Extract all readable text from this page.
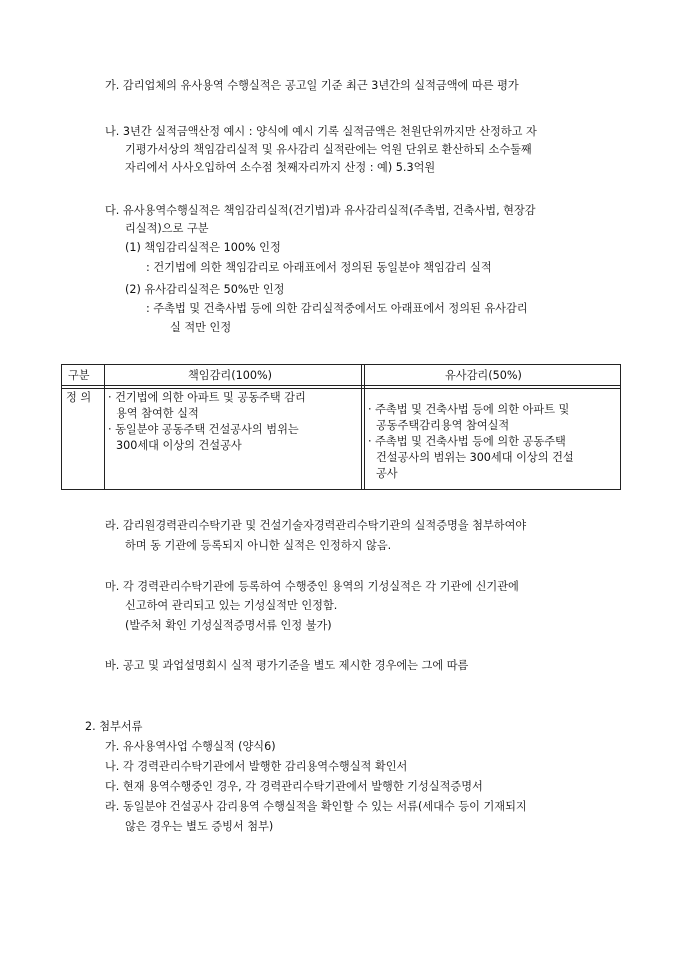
가. 감리업체의 유사용역 수행실적은 공고일 기준 최근 3년간의 실적금액에 따른 평가
나. 3년간 실적금액산정 예시 : 양식에 예시 기록 실적금액은 천원단위까지만 산정하고 자
기평가서상의 책임감리실적 및 유사감리 실적란에는 억원 단위로 환산하되 소수둘째
자리에서 사사오입하여 소수점 첫째자리까지 산정 : 예) 5.3억원
다. 유사용역수행실적은 책임감리실적(건기법)과 유사감리실적(주촉법, 건축사법, 현장감
리실적)으로 구분
(1) 책임감리실적은 100% 인정
: 건기법에 의한 책임감리로 아래표에서 정의된 동일분야 책임감리 실적
(2) 유사감리실적은 50%만 인정
: 주촉법 및 건축사법 등에 의한 감리실적중에서도 아래표에서 정의된 유사감리
실 적만 인정
구분	책임감리(100%)	유사감리(50%)
정 의 · 건기법에 의한 아파트 및 공동주택 감리
용역 참여한 실적
· 동일분야 공동주택 건설공사의 범위는
300세대 이상의 건설공사
· 주촉법 및 건축사법 등에 의한 아파트 및
공동주택감리용역 참여실적
· 주촉법 및 건축사법 등에 의한 공동주택
건설공사의 범위는 300세대 이상의 건설
공사
라. 감리원경력관리수탁기관 및 건설기술자경력관리수탁기관의 실적증명을 첨부하여야
하며 동 기관에 등록되지 아니한 실적은 인정하지 않음.
마. 각 경력관리수탁기관에 등록하여 수행중인 용역의 기성실적은 각 기관에 신기관에
신고하여 관리되고 있는 기성실적만 인정함.
(발주처 확인 기성실적증명서류 인정 불가)
바. 공고 및 과업설명회시 실적 평가기준을 별도 제시한 경우에는 그에 따름
2. 첨부서류
가. 유사용역사업 수행실적 (양식6)
나. 각 경력관리수탁기관에서 발행한 감리용역수행실적 확인서
다. 현재 용역수행중인 경우, 각 경력관리수탁기관에서 발행한 기성실적증명서
라. 동일분야 건설공사 감리용역 수행실적을 확인할 수 있는 서류(세대수 등이 기재되지
않은 경우는 별도 증빙서 첨부)
